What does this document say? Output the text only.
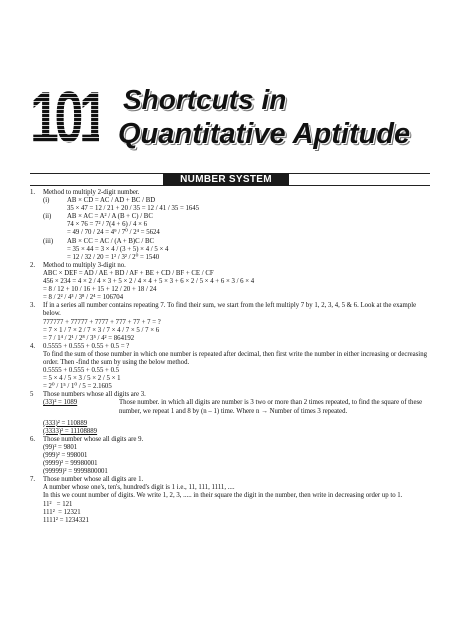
101 Shortcuts in
Quantitative Aptitude
NUMBER SYSTEM
1. Method to multiply 2-digit number.
(i)	AB × CD = AC / AD + BC / BD
35 × 47 = 12 / 21 + 20 / 35 = 12 / 41 / 35 = 1645
(ii)	AB × AC = A² / A (B + C) / BC
74 × 76 = 7² / 7(4 + 6) / 4 × 6
= 49 / 70 / 24 = 4⁹ / 7⁰ / 2⁴ = 5624
(iii)	AB × CC = AC / (A + B)C / BC
= 35 × 44 = 3 × 4 / (3 + 5) × 4 / 5 × 4
= 12 / 32 / 20 = 1² / 3² / 2⁰ = 1540
2. Method to multiply 3-digit no.
ABC × DEF = AD / AE + BD / AF + BE + CD / BF + CE / CF
456 × 234 = 4 × 2 / 4 × 3 + 5 × 2 / 4 × 4 + 5 × 3 + 6 × 2 / 5 × 4 + 6 × 3 / 6 × 4
= 8 / 12 + 10 / 16 + 15 + 12 / 20 + 18 / 24
= 8 / 2² / 4³ / 3⁸ / 2⁴ = 106704
3. If in a series all number contains repeating 7. To find their sum, we start from the left multiply 7 by 1, 2, 3, 4, 5 & 6. Look at the example below.
777777 + 77777 + 7777 + 777 + 77 + 7 = ?
= 7 × 1 / 7 × 2 / 7 × 3 / 7 × 4 / 7 × 5 / 7 × 6
= 7 / 1⁴ / 2¹ / 2⁸ / 3⁵ / 4² = 864192
4. 0.5555 + 0.555 + 0.55 + 0.5 = ?
To find the sum of those number in which one number is repeated after decimal, then first write the number in either increasing or decreasing order. Then -find the sum by using the below method.
0.5555 + 0.555 + 0.55 + 0.5
= 5 × 4 / 5 × 3 / 5 × 2 / 5 × 1
= 2⁰ / 1⁵ / 1⁰ / 5 = 2.1605
5 Those numbers whose all digits are 3.
(33)² = 1089	Those number. in which all digits are number is 3 two or more than 2 times repeated, to find the square of these number, we repeat 1 and 8 by (n – 1) time. Where n → Number of times 3 repeated.
(333)² = 110889
(3333)² = 11108889
6. Those number whose all digits are 9.
(99)² = 9801
(999)² = 998001
(9999)² = 99980001
(99999)² = 9999800001
7. Those number whose all digits are 1.
A number whose one's, ten's, hundred's digit is 1 i.e., 11, 111, 1111, ....
In this we count number of digits. We write 1, 2, 3, ..... in their square the digit in the number, then write in decreasing order up to 1.
11²   = 121
111²  = 12321
1111² = 1234321
